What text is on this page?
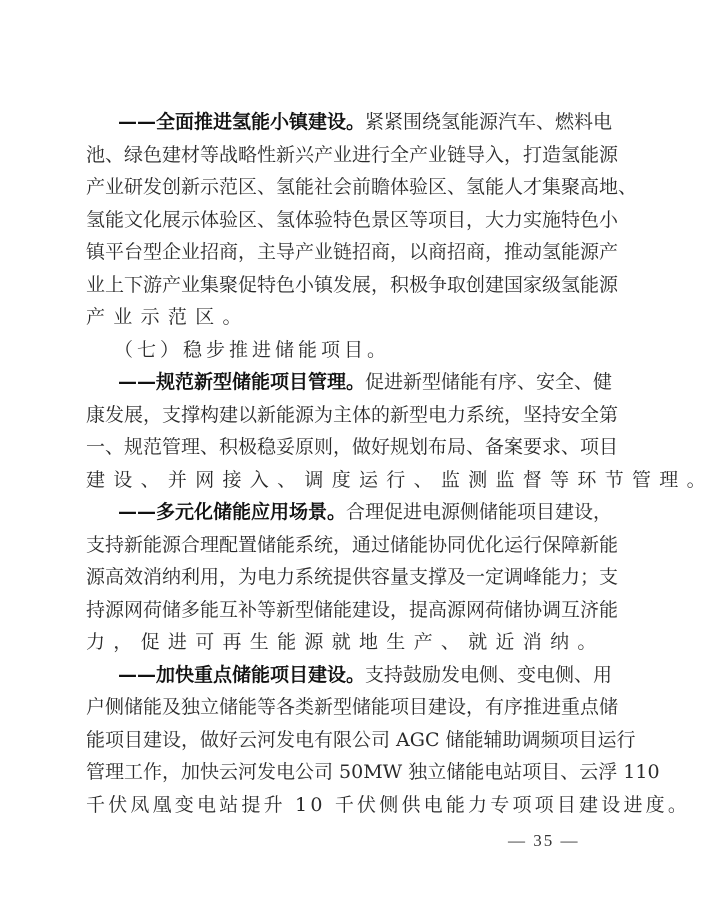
——全面推进氢能小镇建设。紧紧围绕氢能源汽车、燃料电
池、绿色建材等战略性新兴产业进行全产业链导入，打造氢能源
产业研发创新示范区、氢能社会前瞻体验区、氢能人才集聚高地、
氢能文化展示体验区、氢体验特色景区等项目，大力实施特色小
镇平台型企业招商，主导产业链招商，以商招商，推动氢能源产
业上下游产业集聚促特色小镇发展，积极争取创建国家级氢能源
产业示范区。
（七）稳步推进储能项目。
——规范新型储能项目管理。促进新型储能有序、安全、健
康发展，支撑构建以新能源为主体的新型电力系统，坚持安全第
一、规范管理、积极稳妥原则，做好规划布局、备案要求、项目
建设、并网接入、调度运行、监测监督等环节管理。
——多元化储能应用场景。合理促进电源侧储能项目建设，
支持新能源合理配置储能系统，通过储能协同优化运行保障新能
源高效消纳利用，为电力系统提供容量支撑及一定调峰能力；支
持源网荷储多能互补等新型储能建设，提高源网荷储协调互济能
力，促进可再生能源就地生产、就近消纳。
——加快重点储能项目建设。支持鼓励发电侧、变电侧、用
户侧储能及独立储能等各类新型储能项目建设，有序推进重点储
能项目建设，做好云河发电有限公司 AGC 储能辅助调频项目运行
管理工作，加快云河发电公司 50MW 独立储能电站项目、云浮 110
千伏凤凰变电站提升 10 千伏侧供电能力专项项目建设进度。
— 35 —
